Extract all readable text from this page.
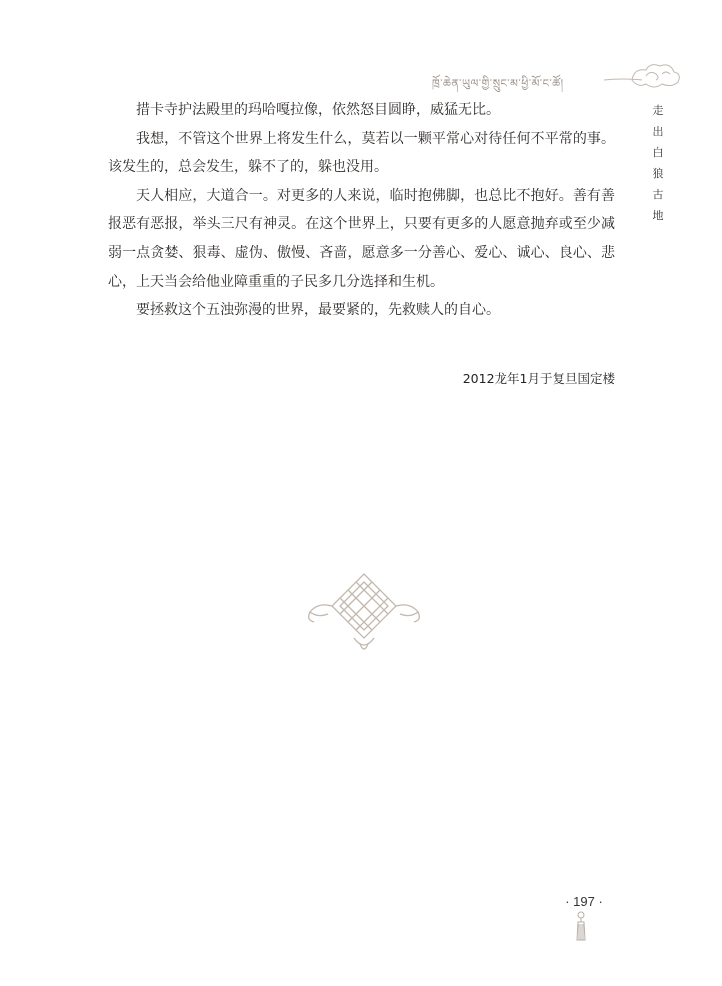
ཁྲོ་ཆེན་ཡུལ་གྱི་སྲུང་མ་ཕྱི་མོ་ང་ཚོ།
走
出
白
狼
古
地

措卡寺护法殿里的玛哈嘎拉像，依然怒目圆睁，威猛无比。

我想，不管这个世界上将发生什么，莫若以一颗平常心对待任何不平常的事。该发生的，总会发生，躲不了的，躲也没用。

天人相应，大道合一。对更多的人来说，临时抱佛脚，也总比不抱好。善有善报恶有恶报，举头三尺有神灵。在这个世界上，只要有更多的人愿意抛弃或至少减弱一点贪婪、狠毒、虚伪、傲慢、吝啬，愿意多一分善心、爱心、诚心、良心、悲心，上天当会给他业障重重的子民多几分选择和生机。

要拯救这个五浊弥漫的世界，最要紧的，先救赎人的自心。

2012龙年1月于复旦国定楼
· 197 ·
